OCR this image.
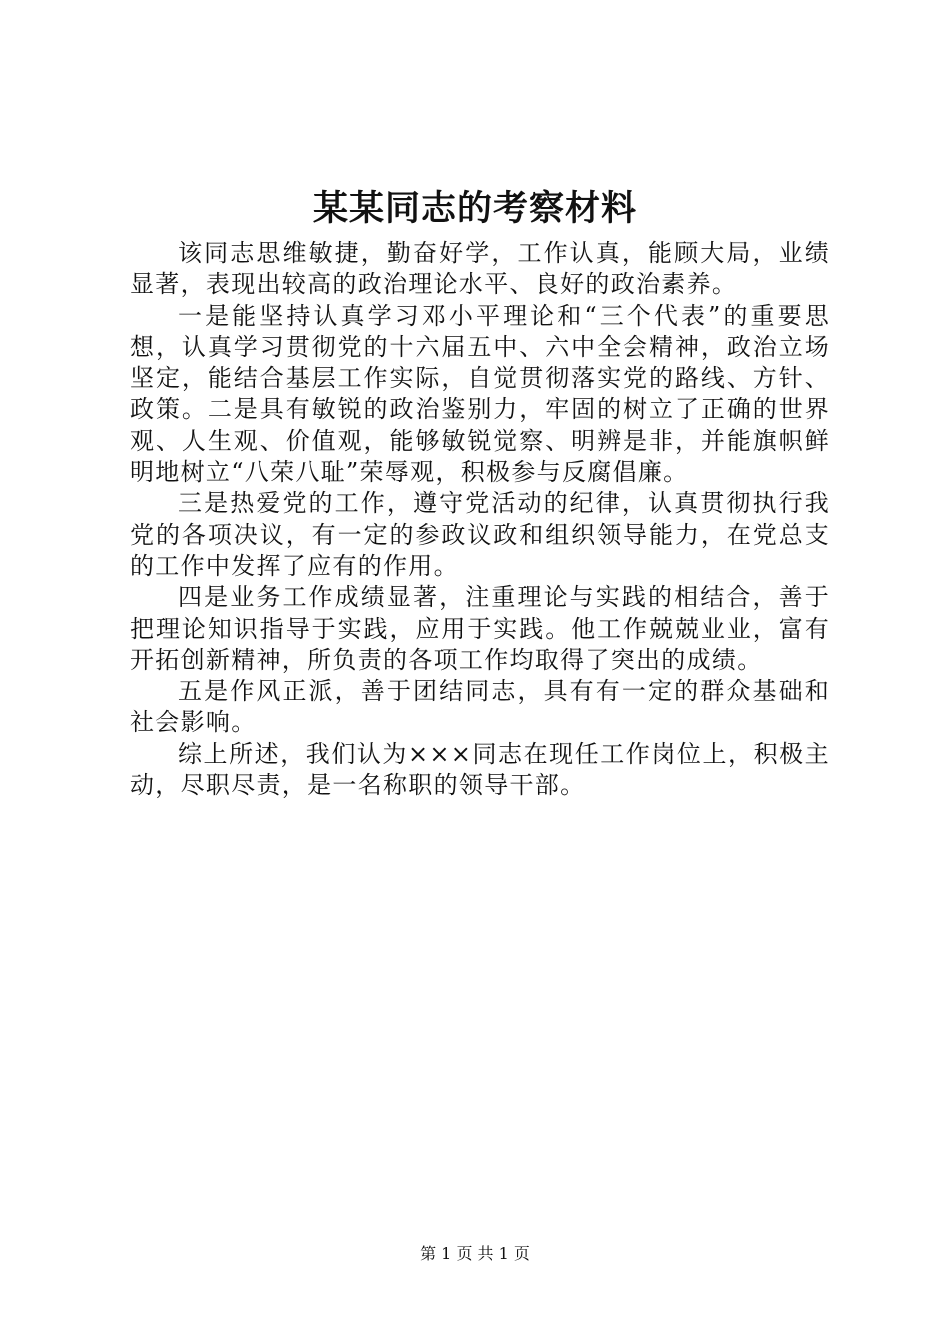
某某同志的考察材料

该同志思维敏捷，勤奋好学，工作认真，能顾大局，业绩显著，表现出较高的政治理论水平、良好的政治素养。

一是能坚持认真学习邓小平理论和“三个代表”的重要思想，认真学习贯彻党的十六届五中、六中全会精神，政治立场坚定，能结合基层工作实际，自觉贯彻落实党的路线、方针、政策。二是具有敏锐的政治鉴别力，牢固的树立了正确的世界观、人生观、价值观，能够敏锐觉察、明辨是非，并能旗帜鲜明地树立“八荣八耻”荣辱观，积极参与反腐倡廉。

三是热爱党的工作，遵守党活动的纪律，认真贯彻执行我党的各项决议，有一定的参政议政和组织领导能力，在党总支的工作中发挥了应有的作用。

四是业务工作成绩显著，注重理论与实践的相结合，善于把理论知识指导于实践，应用于实践。他工作兢兢业业，富有开拓创新精神，所负责的各项工作均取得了突出的成绩。

五是作风正派，善于团结同志，具有有一定的群众基础和社会影响。

综上所述，我们认为×××同志在现任工作岗位上，积极主动，尽职尽责，是一名称职的领导干部。

第 1 页 共 1 页
